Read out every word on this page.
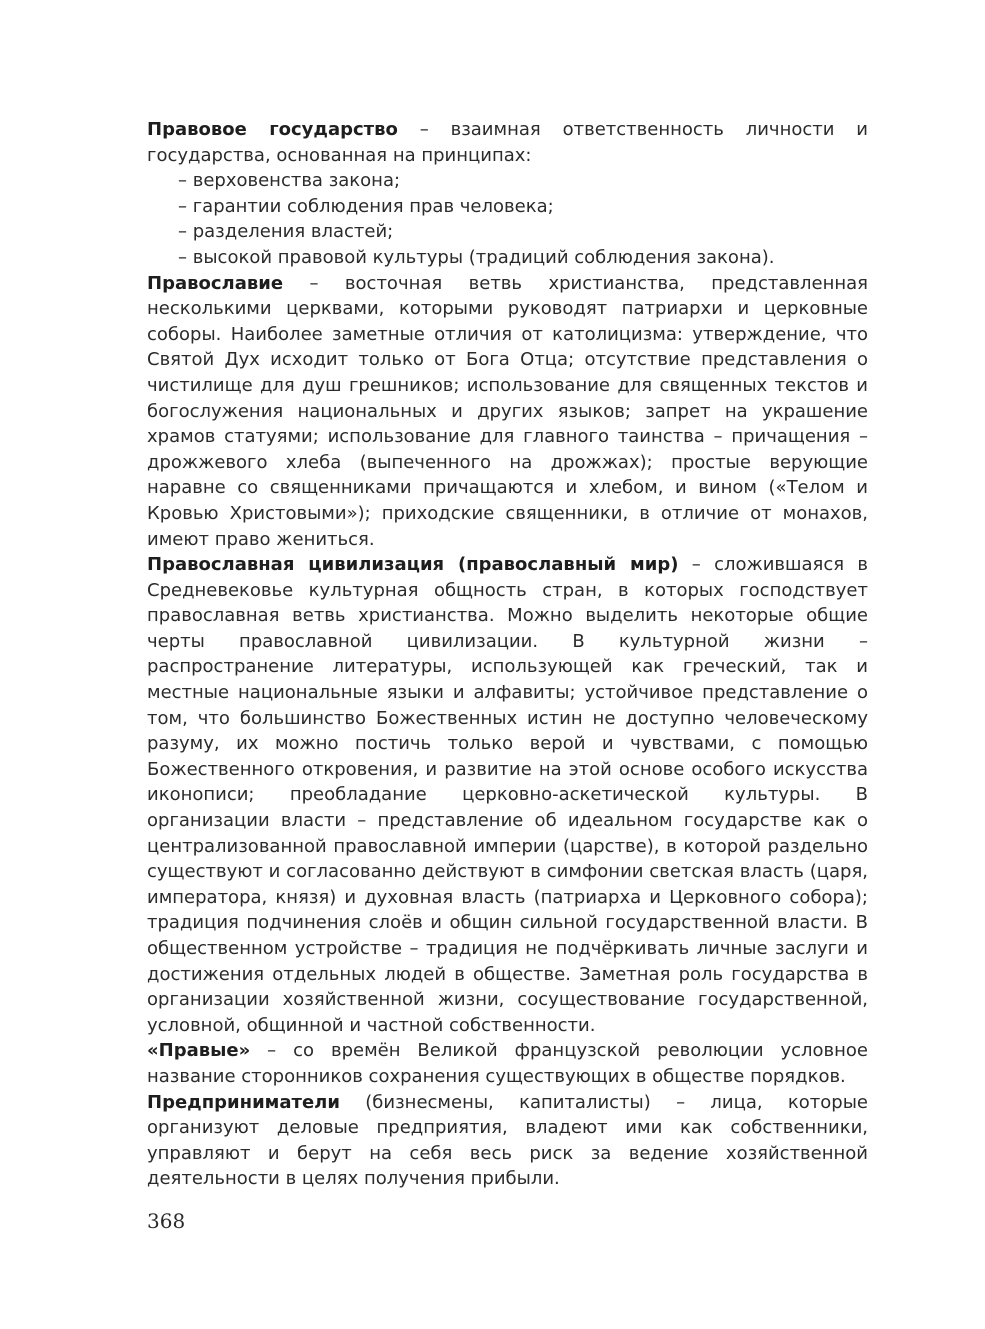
Правовое государство – взаимная ответственность личности и государства, основанная на принципах:

– верховенства закона;
– гарантии соблюдения прав человека;
– разделения властей;
– высокой правовой культуры (традиций соблюдения закона).

Православие – восточная ветвь христианства, представленная несколькими церквами, которыми руководят патриархи и церковные соборы. Наиболее заметные отличия от католицизма: утверждение, что Святой Дух исходит только от Бога Отца; отсутствие представления о чистилище для душ грешников; использование для священных текстов и богослужения национальных и других языков; запрет на украшение храмов статуями; использование для главного таинства – причащения – дрожжевого хлеба (выпеченного на дрожжах); простые верующие наравне со священниками причащаются и хлебом, и вином («Телом и Кровью Христовыми»); приходские священники, в отличие от монахов, имеют право жениться.

Православная цивилизация (православный мир) – сложившаяся в Средневековье культурная общность стран, в которых господствует православная ветвь христианства. Можно выделить некоторые общие черты православной цивилизации. В культурной жизни – распространение литературы, использующей как греческий, так и местные национальные языки и алфавиты; устойчивое представление о том, что большинство Божественных истин не доступно человеческому разуму, их можно постичь только верой и чувствами, с помощью Божественного откровения, и развитие на этой основе особого искусства иконописи; преобладание церковно-аскетической культуры. В организации власти – представление об идеальном государстве как о централизованной православной империи (царстве), в которой раздельно существуют и согласованно действуют в симфонии светская власть (царя, императора, князя) и духовная власть (патриарха и Церковного собора); традиция подчинения слоёв и общин сильной государственной власти. В общественном устройстве – традиция не подчёркивать личные заслуги и достижения отдельных людей в обществе. Заметная роль государства в организации хозяйственной жизни, сосуществование государственной, условной, общинной и частной собственности.

«Правые» – со времён Великой французской революции условное название сторонников сохранения существующих в обществе порядков.

Предприниматели (бизнесмены, капиталисты) – лица, которые организуют деловые предприятия, владеют ими как собственники, управляют и берут на себя весь риск за ведение хозяйственной деятельности в целях получения прибыли.

368
